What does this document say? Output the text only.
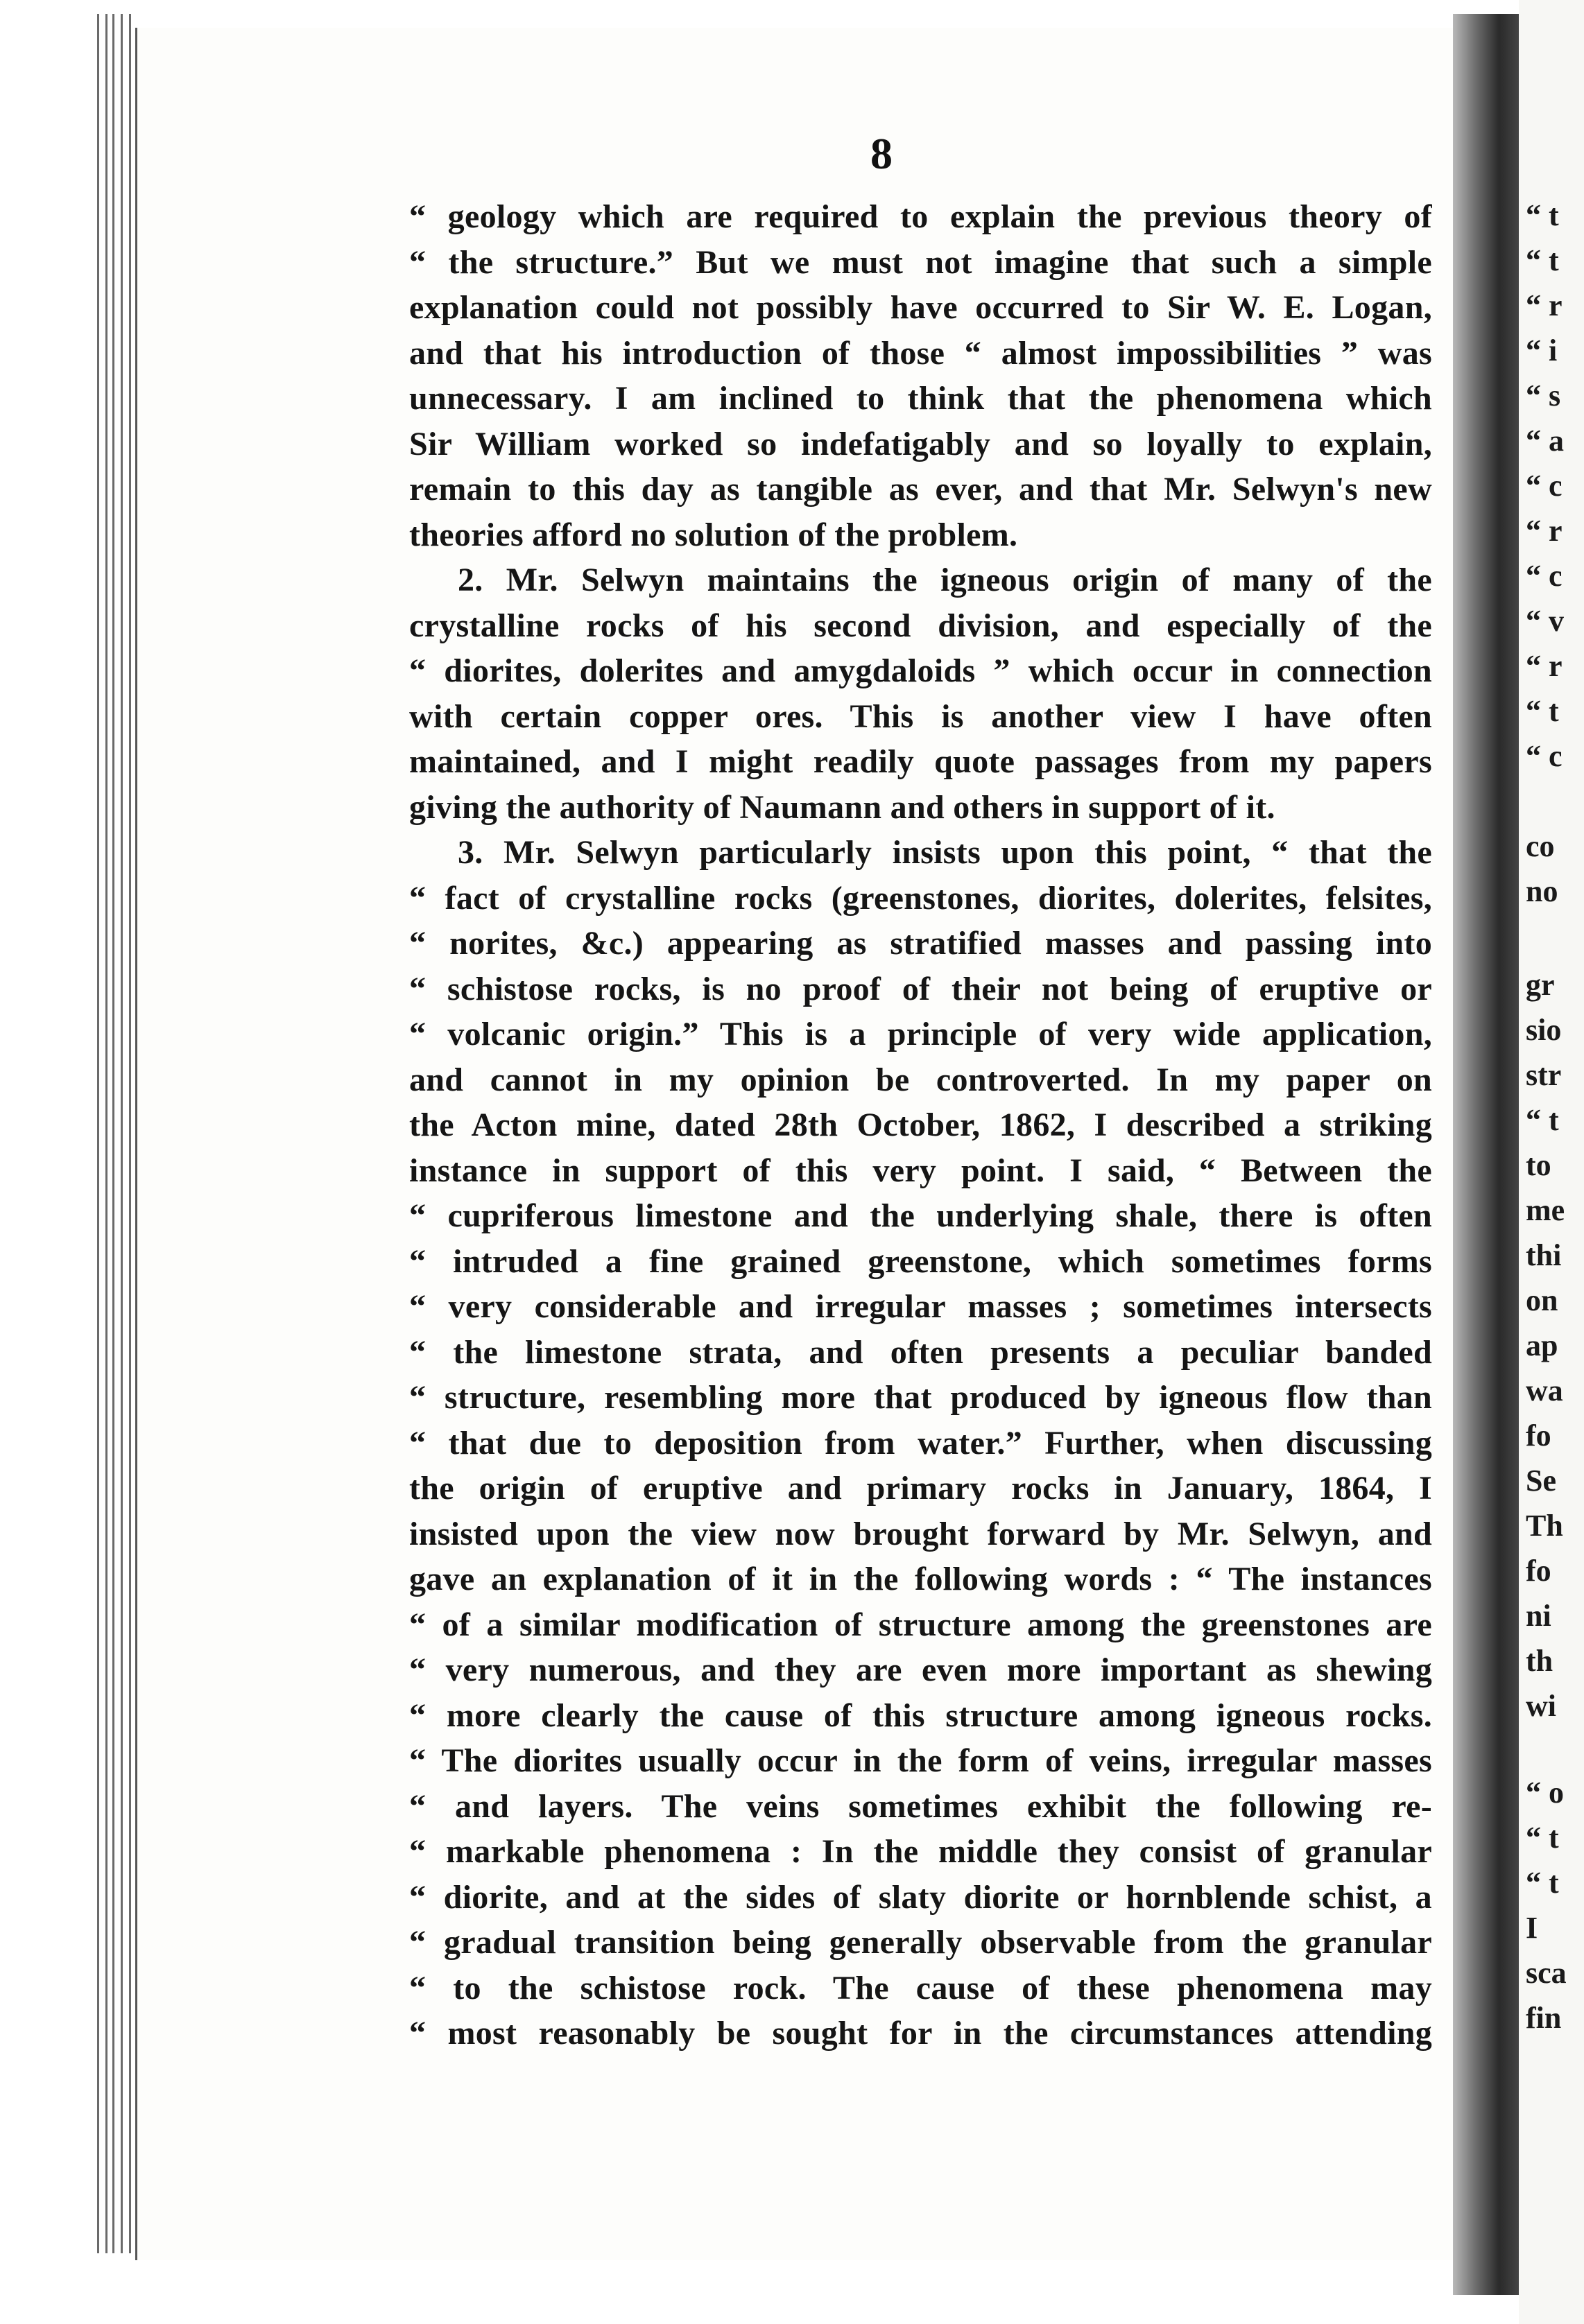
8
“ geology which are required to explain the previous theory of
“ the structure.” But we must not imagine that such a simple
explanation could not possibly have occurred to Sir W. E. Logan,
and that his introduction of those “ almost impossibilities ” was
unnecessary. I am inclined to think that the phenomena which
Sir William worked so indefatigably and so loyally to explain,
remain to this day as tangible as ever, and that Mr. Selwyn's new
theories afford no solution of the problem.
2. Mr. Selwyn maintains the igneous origin of many of the
crystalline rocks of his second division, and especially of the
“ diorites, dolerites and amygdaloids ” which occur in connection
with certain copper ores. This is another view I have often
maintained, and I might readily quote passages from my papers
giving the authority of Naumann and others in support of it.
3. Mr. Selwyn particularly insists upon this point, “ that the
“ fact of crystalline rocks (greenstones, diorites, dolerites, felsites,
“ norites, &c.) appearing as stratified masses and passing into
“ schistose rocks, is no proof of their not being of eruptive or
“ volcanic origin.” This is a principle of very wide application,
and cannot in my opinion be controverted. In my paper on
the Acton mine, dated 28th October, 1862, I described a striking
instance in support of this very point. I said, “ Between the
“ cupriferous limestone and the underlying shale, there is often
“ intruded a fine grained greenstone, which sometimes forms
“ very considerable and irregular masses ; sometimes intersects
“ the limestone strata, and often presents a peculiar banded
“ structure, resembling more that produced by igneous flow than
“ that due to deposition from water.” Further, when discussing
the origin of eruptive and primary rocks in January, 1864, I
insisted upon the view now brought forward by Mr. Selwyn, and
gave an explanation of it in the following words : “ The instances
“ of a similar modification of structure among the greenstones are
“ very numerous, and they are even more important as shewing
“ more clearly the cause of this structure among igneous rocks.
“ The diorites usually occur in the form of veins, irregular masses
“ and layers. The veins sometimes exhibit the following re-
“ markable phenomena : In the middle they consist of granular
“ diorite, and at the sides of slaty diorite or hornblende schist, a
“ gradual transition being generally observable from the granular
“ to the schistose rock. The cause of these phenomena may
“ most reasonably be sought for in the circumstances attending
“ t
“ t
“ r
“ i
“ s
“ a
“ c
“ r
“ c
“ v
“ r
“ t
“ c
co
no
gr
sio
str
“ t
to
me
thi
on
ap
wa
fo
Se
Th
fo
ni
th
wi
“ o
“ t
“ t
I
sca
fin
